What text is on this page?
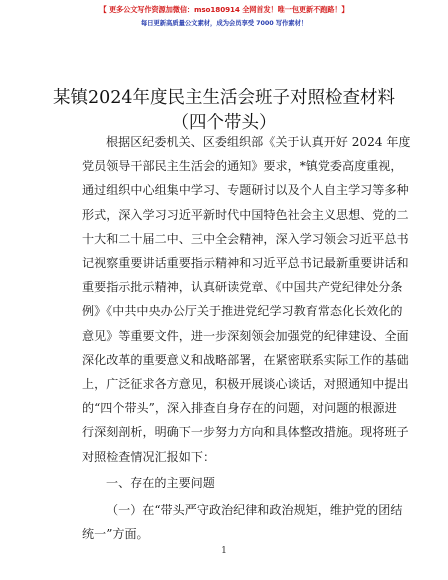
【 更多公文写作资源加微信：mso180914 全网首发！唯一包更新不跑路！】
每日更新高质量公文素材，成为会员享受 7000 写作素材！
某镇2024年度民主生活会班子对照检查材料
（四个带头）

根据区纪委机关、区委组织部《关于认真开好 2024 年度

党员领导干部民主生活会的通知》要求，*镇党委高度重视，

通过组织中心组集中学习、专题研讨以及个人自主学习等多种

形式，深入学习习近平新时代中国特色社会主义思想、党的二

十大和二十届二中、三中全会精神，深入学习领会习近平总书

记视察重要讲话重要指示精神和习近平总书记最新重要讲话和

重要指示批示精神，认真研读党章、《中国共产党纪律处分条

例》《中共中央办公厅关于推进党纪学习教育常态化长效化的

意见》等重要文件，进一步深刻领会加强党的纪律建设、全面

深化改革的重要意义和战略部署，在紧密联系实际工作的基础

上，广泛征求各方意见，积极开展谈心谈话，对照通知中提出

的“四个带头”，深入排查自身存在的问题，对问题的根源进

行深刻剖析，明确下一步努力方向和具体整改措施。现将班子

对照检查情况汇报如下：

一、存在的主要问题

（一）在“带头严守政治纪律和政治规矩，维护党的团结

统一”方面。

1
